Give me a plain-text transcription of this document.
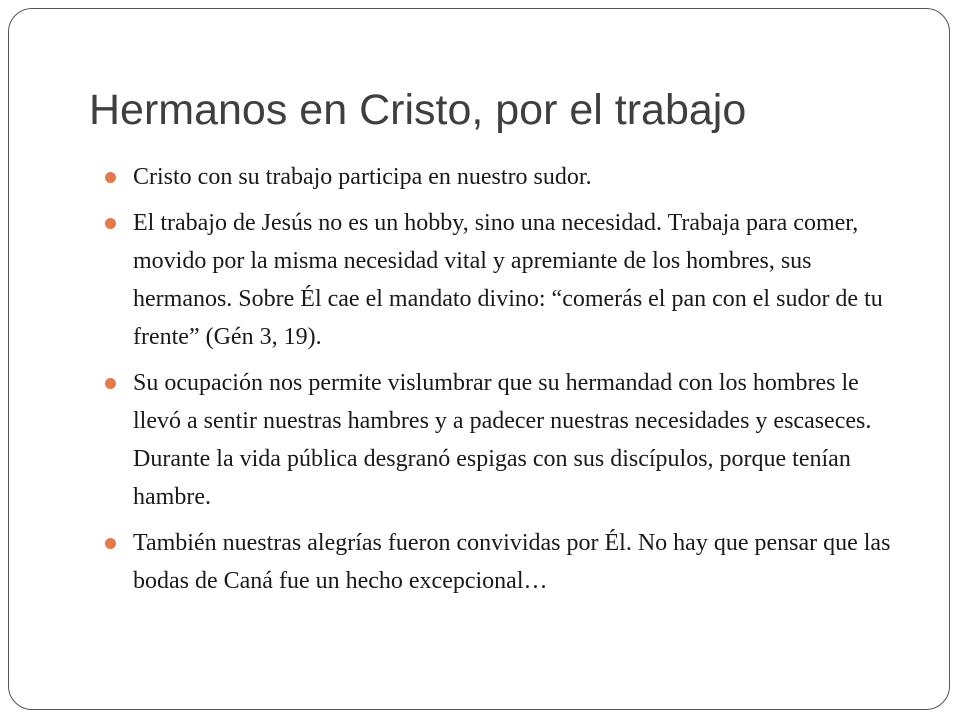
Hermanos en Cristo, por el trabajo
Cristo con su trabajo participa en nuestro sudor.
El trabajo de Jesús no es un hobby, sino una necesidad. Trabaja para comer, movido por la misma necesidad vital y apremiante de los hombres, sus hermanos. Sobre Él cae el mandato divino: “comerás el pan con el sudor de tu frente” (Gén 3, 19).
Su ocupación nos permite vislumbrar que su hermandad con los hombres le llevó a sentir nuestras hambres y a padecer nuestras necesidades y escaseces. Durante la vida pública desgranó espigas con sus discípulos, porque tenían hambre.
También nuestras alegrías fueron convividas por Él. No hay que pensar que las bodas de Caná fue un hecho excepcional…
